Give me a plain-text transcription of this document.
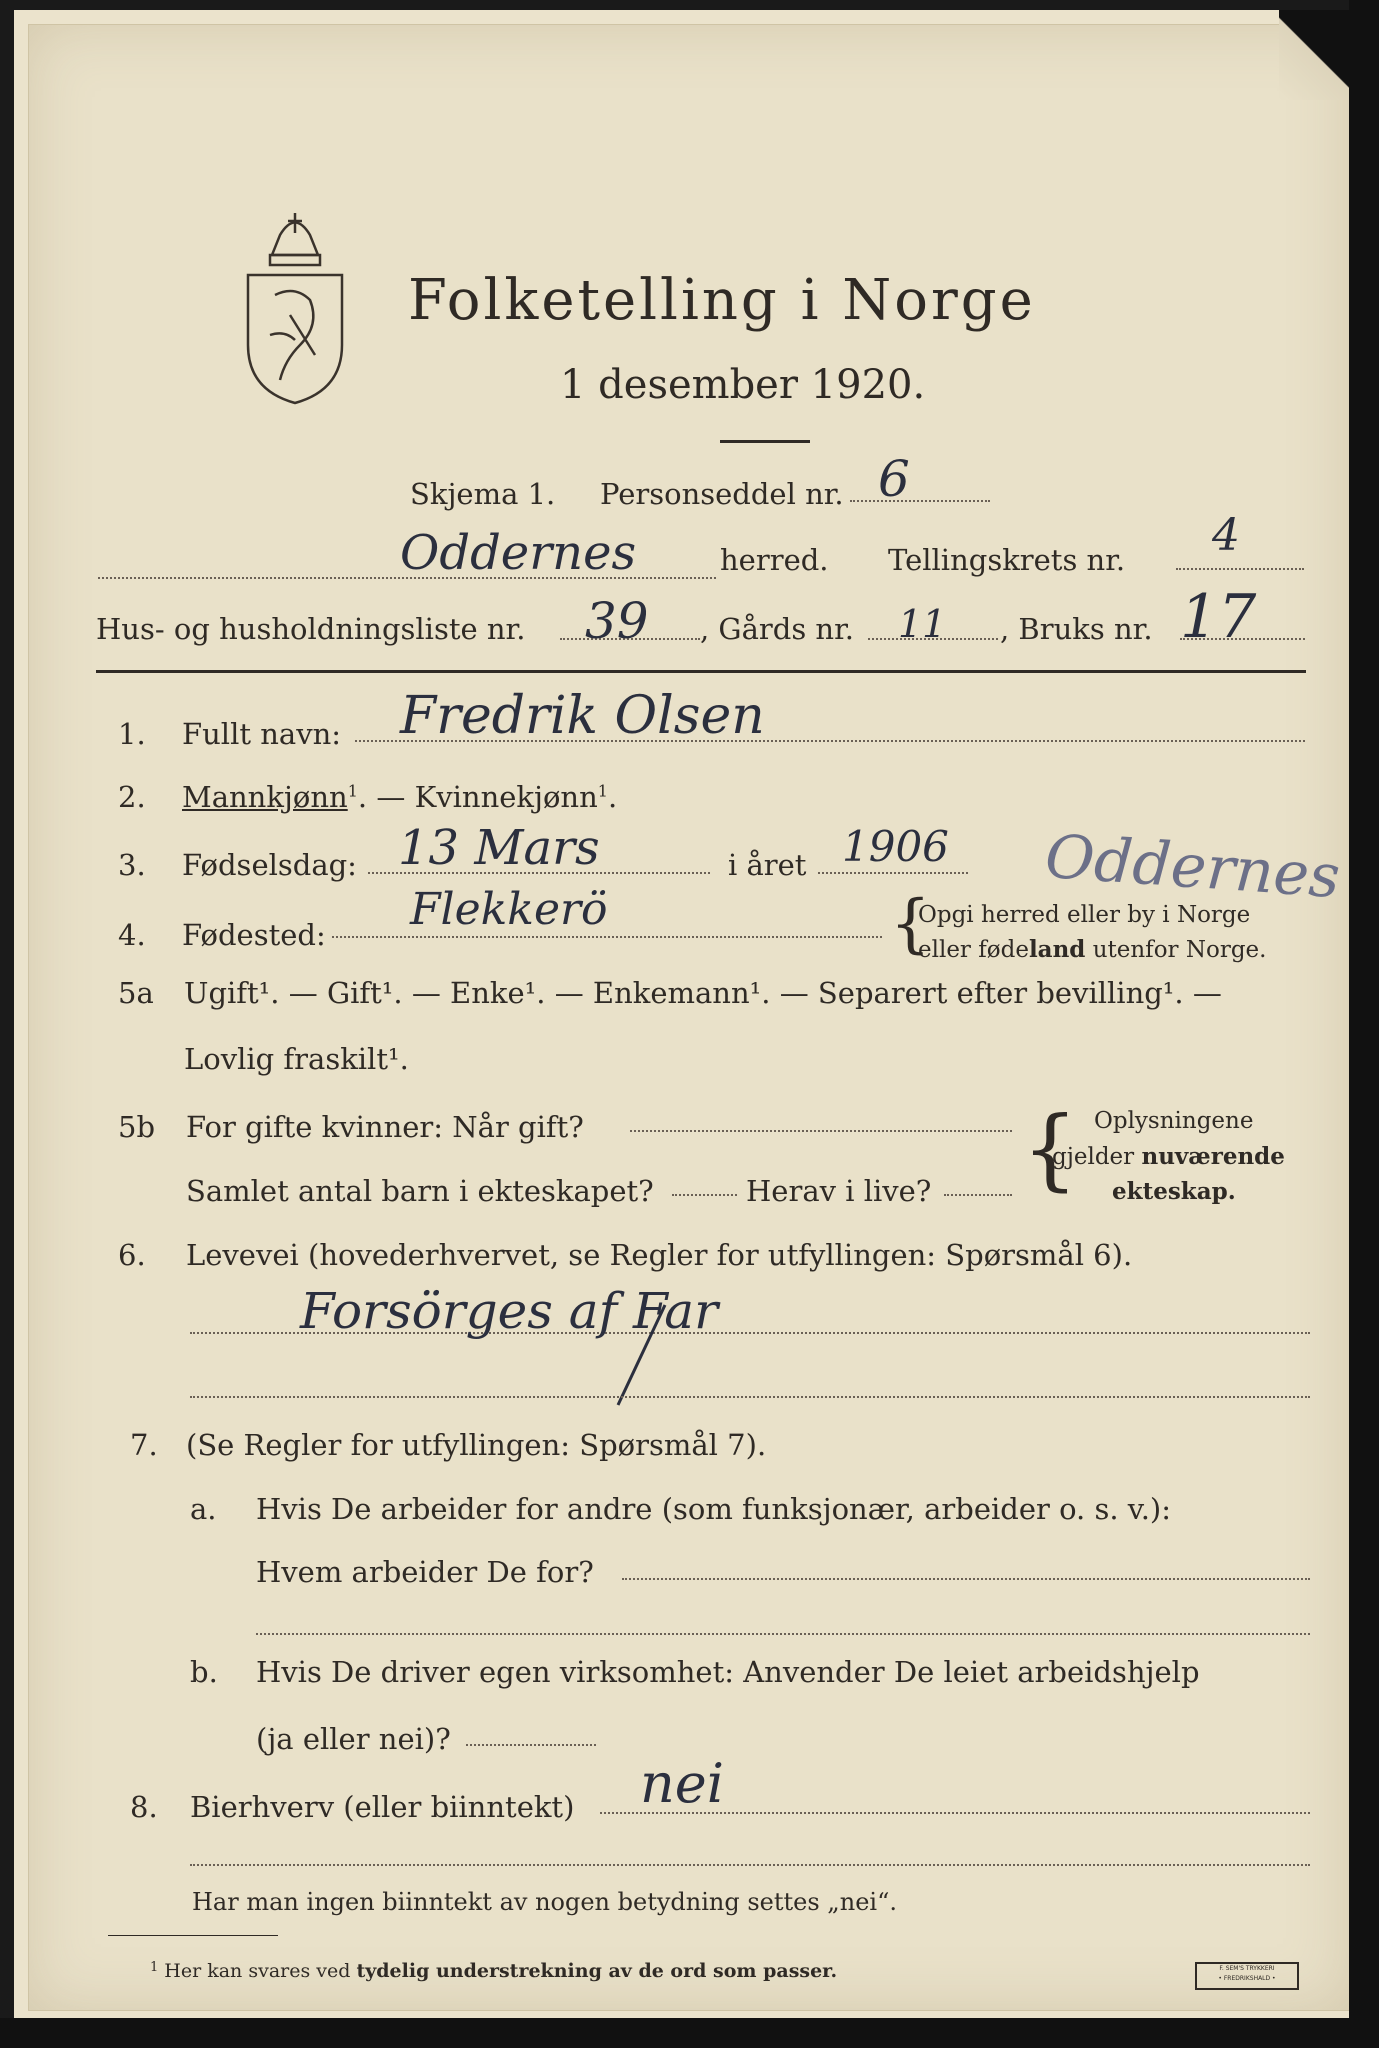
Folketelling i Norge
1 desember 1920.
Skjema 1. Personseddel nr. 6
Oddernes	herred. Tellingskrets nr. 4
Hus- og husholdningsliste nr. 39 , Gårds nr. 11 , Bruks nr. 17
1. Fullt navn: Fredrik Olsen
2. Mannkjønn$^1$. — Kvinnekjønn$^1$.
3. Fødselsdag: 13 Mars	i året 1906 Oddernes
4. Fødested: Flekkerö	{
Opgi herred eller by i Norge
eller fødeland utenfor Norge.
5a Ugift¹. — Gift¹. — Enke¹. — Enkemann¹. — Separert efter bevilling¹. —
Lovlig fraskilt¹.
5b For gifte kvinner: Når gift?
Samlet antal barn i ekteskapet?	Herav i live? { Oplysningene
gjelder nuværende
ekteskap.
6. Levevei (hovederhvervet, se Regler for utfyllingen: Spørsmål 6).
Forsörges af Far
7. (Se Regler for utfyllingen: Spørsmål 7).
a. Hvis De arbeider for andre (som funksjonær, arbeider o. s. v.):
Hvem arbeider De for?
b. Hvis De driver egen virksomhet: Anvender De leiet arbeidshjelp
(ja eller nei)?
8. Bierhverv (eller biinntekt) nei
Har man ingen biinntekt av nogen betydning settes „nei“.
1 Her kan svares ved tydelig understrekning av de ord som passer.	F. SEM'S TRYKKERI
• FREDRIKSHALD •
